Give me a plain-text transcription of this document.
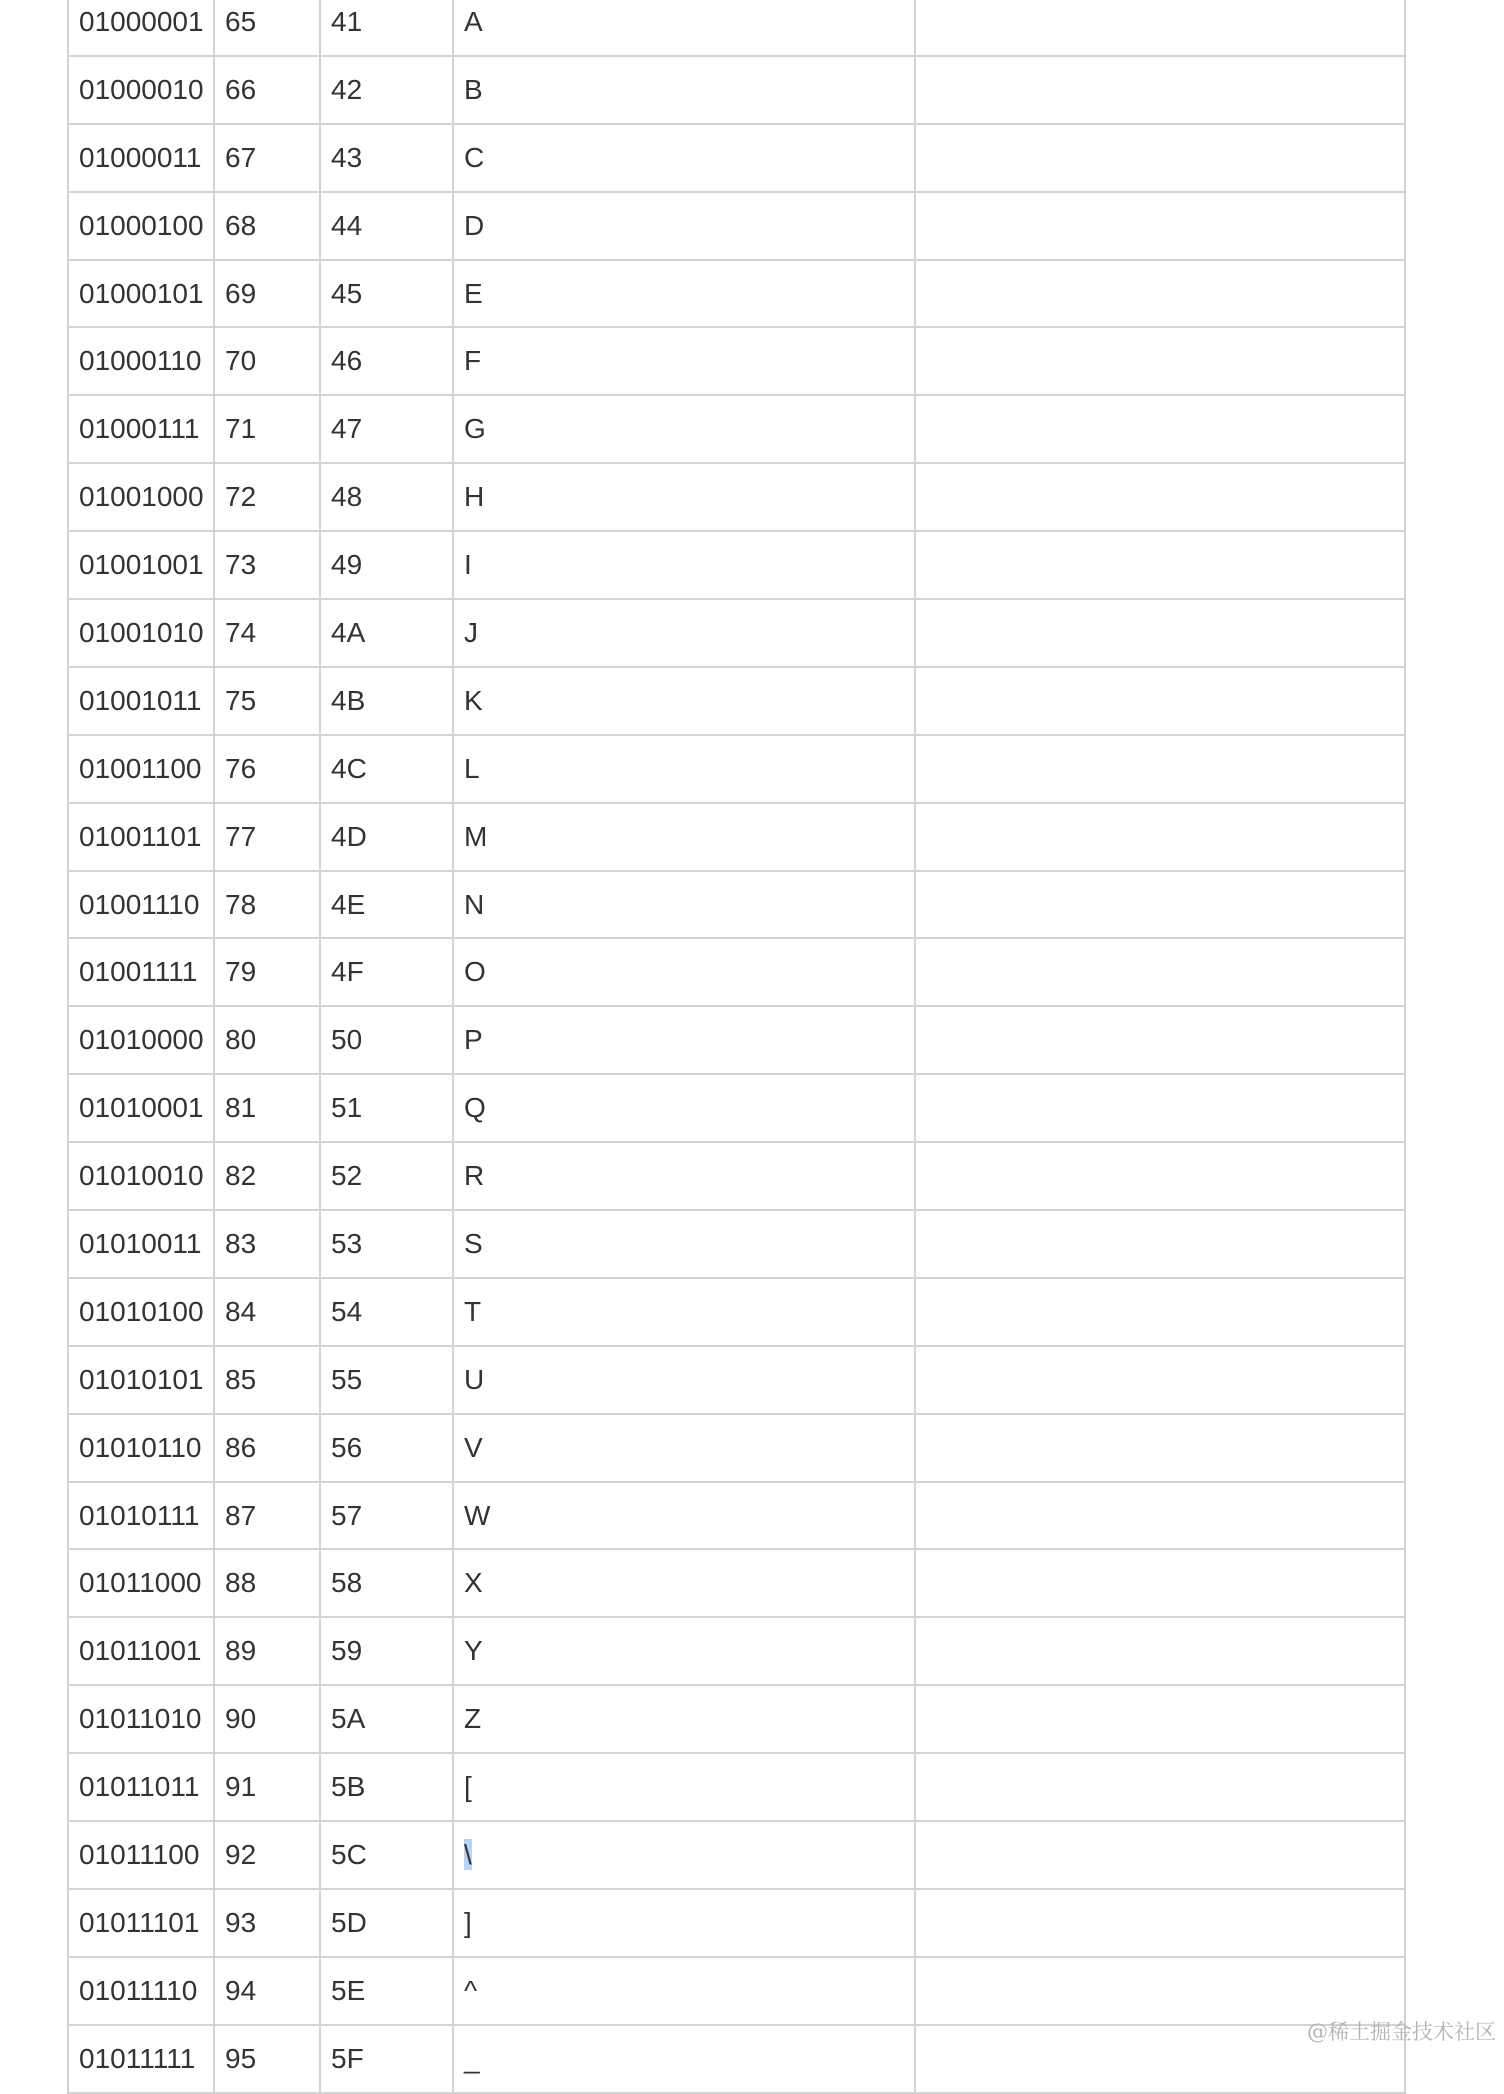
01000001	65	41	A	
01000010	66	42	B	
01000011	67	43	C	
01000100	68	44	D	
01000101	69	45	E	
01000110	70	46	F	
01000111	71	47	G	
01001000	72	48	H	
01001001	73	49	I	
01001010	74	4A	J	
01001011	75	4B	K	
01001100	76	4C	L	
01001101	77	4D	M	
01001110	78	4E	N	
01001111	79	4F	O	
01010000	80	50	P	
01010001	81	51	Q	
01010010	82	52	R	
01010011	83	53	S	
01010100	84	54	T	
01010101	85	55	U	
01010110	86	56	V	
01010111	87	57	W	
01011000	88	58	X	
01011001	89	59	Y	
01011010	90	5A	Z	
01011011	91	5B	[	
01011100	92	5C	\	
01011101	93	5D	]	
01011110	94	5E	^	
01011111	95	5F	_	
@稀土掘金技术社区
